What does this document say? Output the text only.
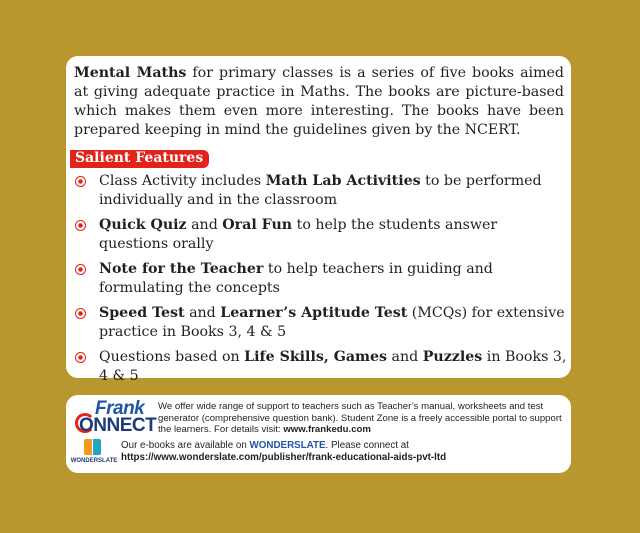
Mental Maths for primary classes is a series of five books aimed at giving adequate practice in Maths. The books are picture-based which makes them even more interesting. The books have been prepared keeping in mind the guidelines given by the NCERT.

Salient Features
Class Activity includes Math Lab Activities to be performed individually and in the classroom
Quick Quiz and Oral Fun to help the students answer questions orally
Note for the Teacher to help teachers in guiding and formulating the concepts
Speed Test and Learner’s Aptitude Test (MCQs) for extensive practice in Books 3, 4 & 5
Questions based on Life Skills, Games and Puzzles in Books 3, 4 & 5
Frank
ONNECT

We offer wide range of support to teachers such as Teacher’s manual, worksheets and test generator (comprehensive question bank). Student Zone is a freely accessible portal to support the learners. For details visit: www.frankedu.com

WONDERSLATE

Our e-books are available on WONDERSLATE. Please connect at
https://www.wonderslate.com/publisher/frank-educational-aids-pvt-ltd
